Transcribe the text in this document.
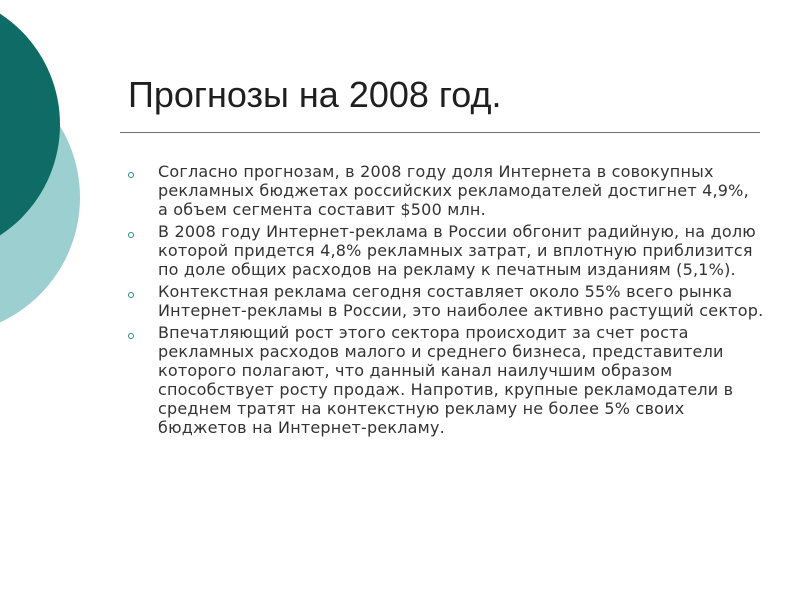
Прогнозы на 2008 год.
Согласно прогнозам, в 2008 году доля Интернета в совокупных рекламных бюджетах российских рекламодателей достигнет 4,9%, а объем сегмента составит $500 млн.
В 2008 году Интернет-реклама в России обгонит радийную, на долю которой придется 4,8% рекламных затрат, и вплотную приблизится по доле общих расходов на рекламу к печатным изданиям (5,1%).
Контекстная реклама сегодня составляет около 55% всего рынка Интернет-рекламы в России, это наиболее активно растущий сектор.
Впечатляющий рост этого сектора происходит за счет роста рекламных расходов малого и среднего бизнеса, представители которого полагают, что данный канал наилучшим образом способствует росту продаж. Напротив, крупные рекламодатели в среднем тратят на контекстную рекламу не более 5% своих бюджетов на Интернет-рекламу.
